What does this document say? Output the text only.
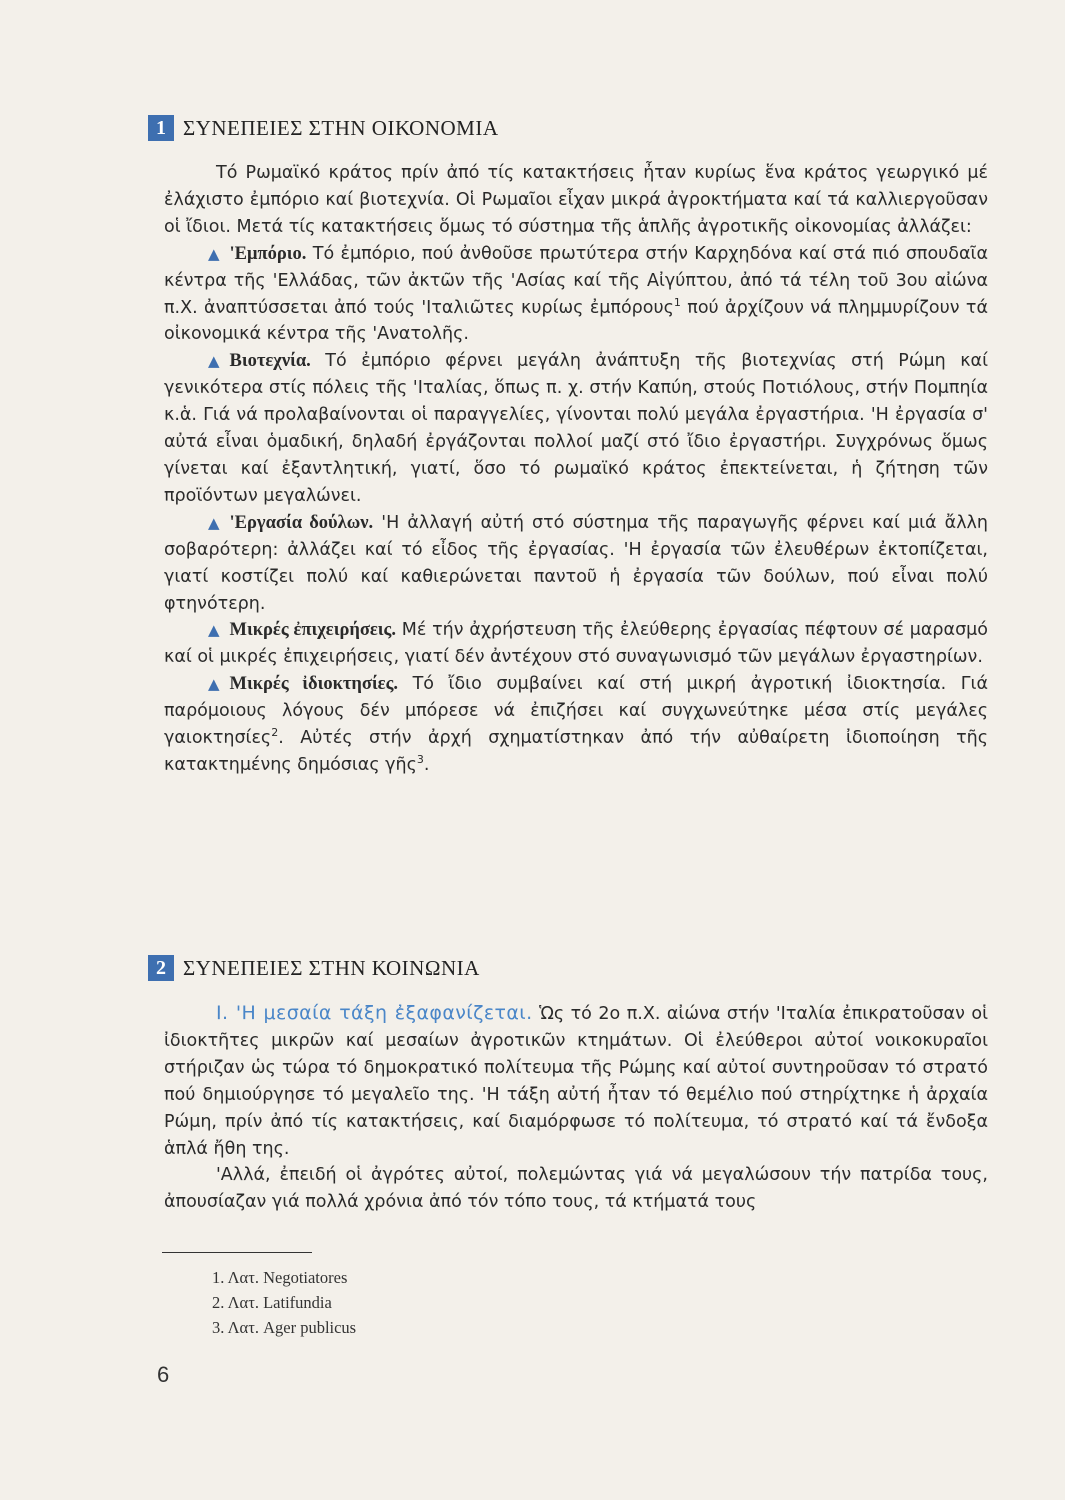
1 ΣΥΝΕΠΕΙΕΣ ΣΤΗΝ ΟΙΚΟΝΟΜΙΑ

Τό Ρωμαϊκό κράτος πρίν ἀπό τίς κατακτήσεις ἦταν κυρίως ἕνα κράτος γεωργικό μέ ἐλάχιστο ἐμπόριο καί βιοτεχνία. Οἱ Ρωμαῖοι εἶχαν μικρά ἀγροκτήματα καί τά καλλιεργοῦσαν οἱ ἴδιοι. Μετά τίς κατακτήσεις ὅμως τό σύστημα τῆς ἁπλῆς ἀγροτικῆς οἰκονομίας ἀλλάζει:

▲ 'Εμπόριο. Τό ἐμπόριο, πού ἀνθοῦσε πρωτύτερα στήν Καρχηδόνα καί στά πιό σπουδαῖα κέντρα τῆς 'Ελλάδας, τῶν ἀκτῶν τῆς 'Ασίας καί τῆς Αἰγύπτου, ἀπό τά τέλη τοῦ 3ου αἰώνα π.Χ. ἀναπτύσσεται ἀπό τούς 'Ιταλιῶτες κυρίως ἐμπόρους$^1$ πού ἀρχίζουν νά πλημμυρίζουν τά οἰκονομικά κέντρα τῆς 'Ανατολῆς.

▲ Βιοτεχνία. Τό ἐμπόριο φέρνει μεγάλη ἀνάπτυξη τῆς βιοτεχνίας στή Ρώμη καί γενικότερα στίς πόλεις τῆς 'Ιταλίας, ὅπως π. χ. στήν Καπύη, στούς Ποτιόλους, στήν Πομπηία κ.ἁ. Γιά νά προλαβαίνονται οἱ παραγγελίες, γίνονται πολύ μεγάλα ἐργαστήρια. 'Η ἐργασία σ' αὐτά εἶναι ὁμαδική, δηλαδή ἐργάζονται πολλοί μαζί στό ἴδιο ἐργαστήρι. Συγχρόνως ὅμως γίνεται καί ἐξαντλητική, γιατί, ὅσο τό ρωμαϊκό κράτος ἐπεκτείνεται, ἡ ζήτηση τῶν προϊόντων μεγαλώνει.

▲ 'Εργασία δούλων. 'Η ἀλλαγή αὐτή στό σύστημα τῆς παραγωγῆς φέρνει καί μιά ἄλλη σοβαρότερη: ἀλλάζει καί τό εἶδος τῆς ἐργασίας. 'Η ἐργασία τῶν ἐλευθέρων ἐκτοπίζεται, γιατί κοστίζει πολύ καί καθιερώνεται παντοῦ ἡ ἐργασία τῶν δούλων, πού εἶναι πολύ φτηνότερη.

▲ Μικρές ἐπιχειρήσεις. Μέ τήν ἀχρήστευση τῆς ἐλεύθερης ἐργασίας πέφτουν σέ μαρασμό καί οἱ μικρές ἐπιχειρήσεις, γιατί δέν ἀντέχουν στό συναγωνισμό τῶν μεγάλων ἐργαστηρίων.

▲ Μικρές ἰδιοκτησίες. Τό ἴδιο συμβαίνει καί στή μικρή ἀγροτική ἰδιοκτησία. Γιά παρόμοιους λόγους δέν μπόρεσε νά ἐπιζήσει καί συγχωνεύτηκε μέσα στίς μεγάλες γαιοκτησίες$^2$. Αὐτές στήν ἀρχή σχηματίστηκαν ἀπό τήν αὐθαίρετη ἰδιοποίηση τῆς κατακτημένης δημόσιας γῆς$^3$.

2 ΣΥΝΕΠΕΙΕΣ ΣΤΗΝ ΚΟΙΝΩΝΙΑ

Ι. 'Η μεσαία τάξη ἐξαφανίζεται. Ὡς τό 2ο π.Χ. αἰώνα στήν 'Ιταλία ἐπικρατοῦσαν οἱ ἰδιοκτῆτες μικρῶν καί μεσαίων ἀγροτικῶν κτημάτων. Οἱ ἐλεύθεροι αὐτοί νοικοκυραῖοι στήριζαν ὡς τώρα τό δημοκρατικό πολίτευμα τῆς Ρώμης καί αὐτοί συντηροῦσαν τό στρατό πού δημιούργησε τό μεγαλεῖο της. 'Η τάξη αὐτή ἦταν τό θεμέλιο πού στηρίχτηκε ἡ ἀρχαία Ρώμη, πρίν ἀπό τίς κατακτήσεις, καί διαμόρφωσε τό πολίτευμα, τό στρατό καί τά ἔνδοξα ἁπλά ἤθη της.

'Αλλά, ἐπειδή οἱ ἀγρότες αὐτοί, πολεμώντας γιά νά μεγαλώσουν τήν πατρίδα τους, ἀπουσίαζαν γιά πολλά χρόνια ἀπό τόν τόπο τους, τά κτήματά τους

1. Λατ. Negotiatores
2. Λατ. Latifundia
3. Λατ. Ager publicus
6
